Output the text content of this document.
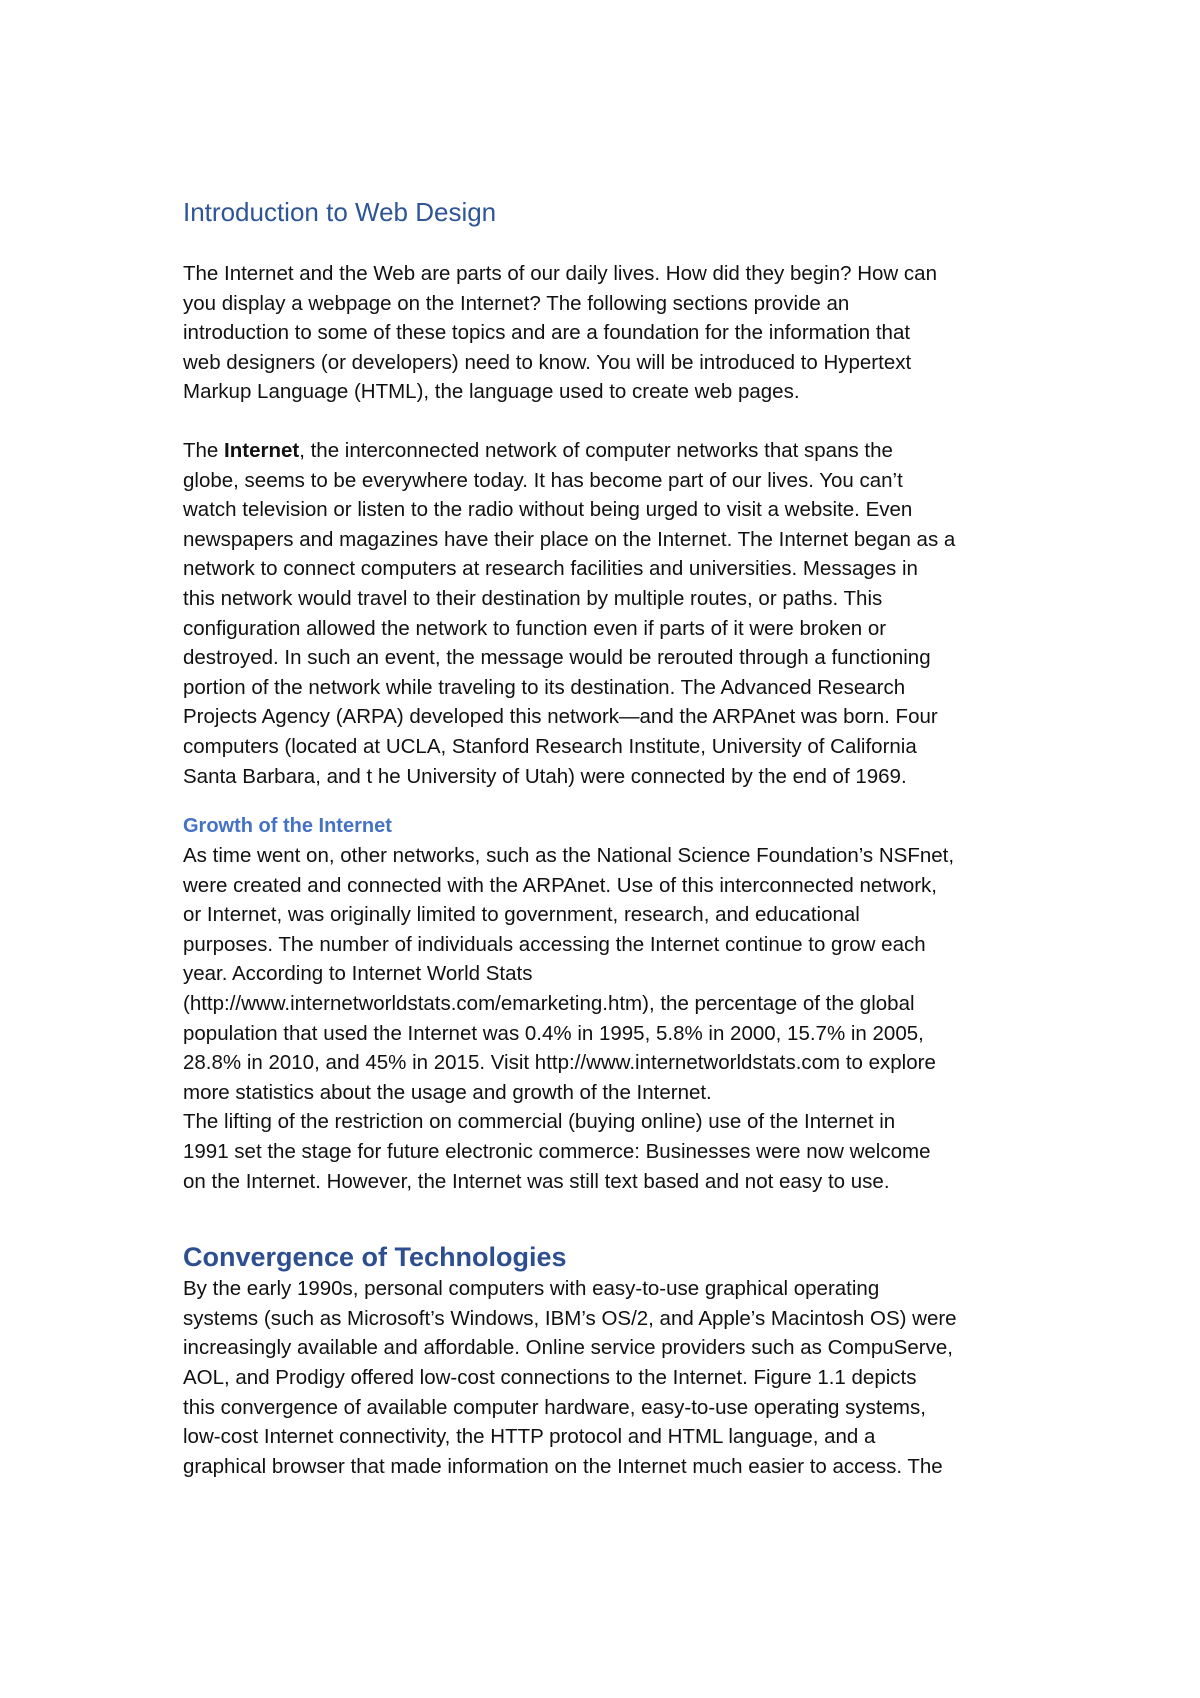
Introduction to Web Design

The Internet and the Web are parts of our daily lives. How did they begin? How can
you display a webpage on the Internet? The following sections provide an
introduction to some of these topics and are a foundation for the information that
web designers (or developers) need to know. You will be introduced to Hypertext
Markup Language (HTML), the language used to create web pages.

The Internet, the interconnected network of computer networks that spans the
globe, seems to be everywhere today. It has become part of our lives. You can’t
watch television or listen to the radio without being urged to visit a website. Even
newspapers and magazines have their place on the Internet. The Internet began as a
network to connect computers at research facilities and universities. Messages in
this network would travel to their destination by multiple routes, or paths. This
configuration allowed the network to function even if parts of it were broken or
destroyed. In such an event, the message would be rerouted through a functioning
portion of the network while traveling to its destination. The Advanced Research
Projects Agency (ARPA) developed this network—and the ARPAnet was born. Four
computers (located at UCLA, Stanford Research Institute, University of California
Santa Barbara, and t he University of Utah) were connected by the end of 1969.

Growth of the Internet

As time went on, other networks, such as the National Science Foundation’s NSFnet,
were created and connected with the ARPAnet. Use of this interconnected network,
or Internet, was originally limited to government, research, and educational
purposes. The number of individuals accessing the Internet continue to grow each
year. According to Internet World Stats
(http://www.internetworldstats.com/emarketing.htm), the percentage of the global
population that used the Internet was 0.4% in 1995, 5.8% in 2000, 15.7% in 2005,
28.8% in 2010, and 45% in 2015. Visit http://www.internetworldstats.com to explore
more statistics about the usage and growth of the Internet.
The lifting of the restriction on commercial (buying online) use of the Internet in
1991 set the stage for future electronic commerce: Businesses were now welcome
on the Internet. However, the Internet was still text based and not easy to use.

Convergence of Technologies

By the early 1990s, personal computers with easy-to-use graphical operating
systems (such as Microsoft’s Windows, IBM’s OS/2, and Apple’s Macintosh OS) were
increasingly available and affordable. Online service providers such as CompuServe,
AOL, and Prodigy offered low-cost connections to the Internet. Figure 1.1 depicts
this convergence of available computer hardware, easy-to-use operating systems,
low-cost Internet connectivity, the HTTP protocol and HTML language, and a
graphical browser that made information on the Internet much easier to access. The
